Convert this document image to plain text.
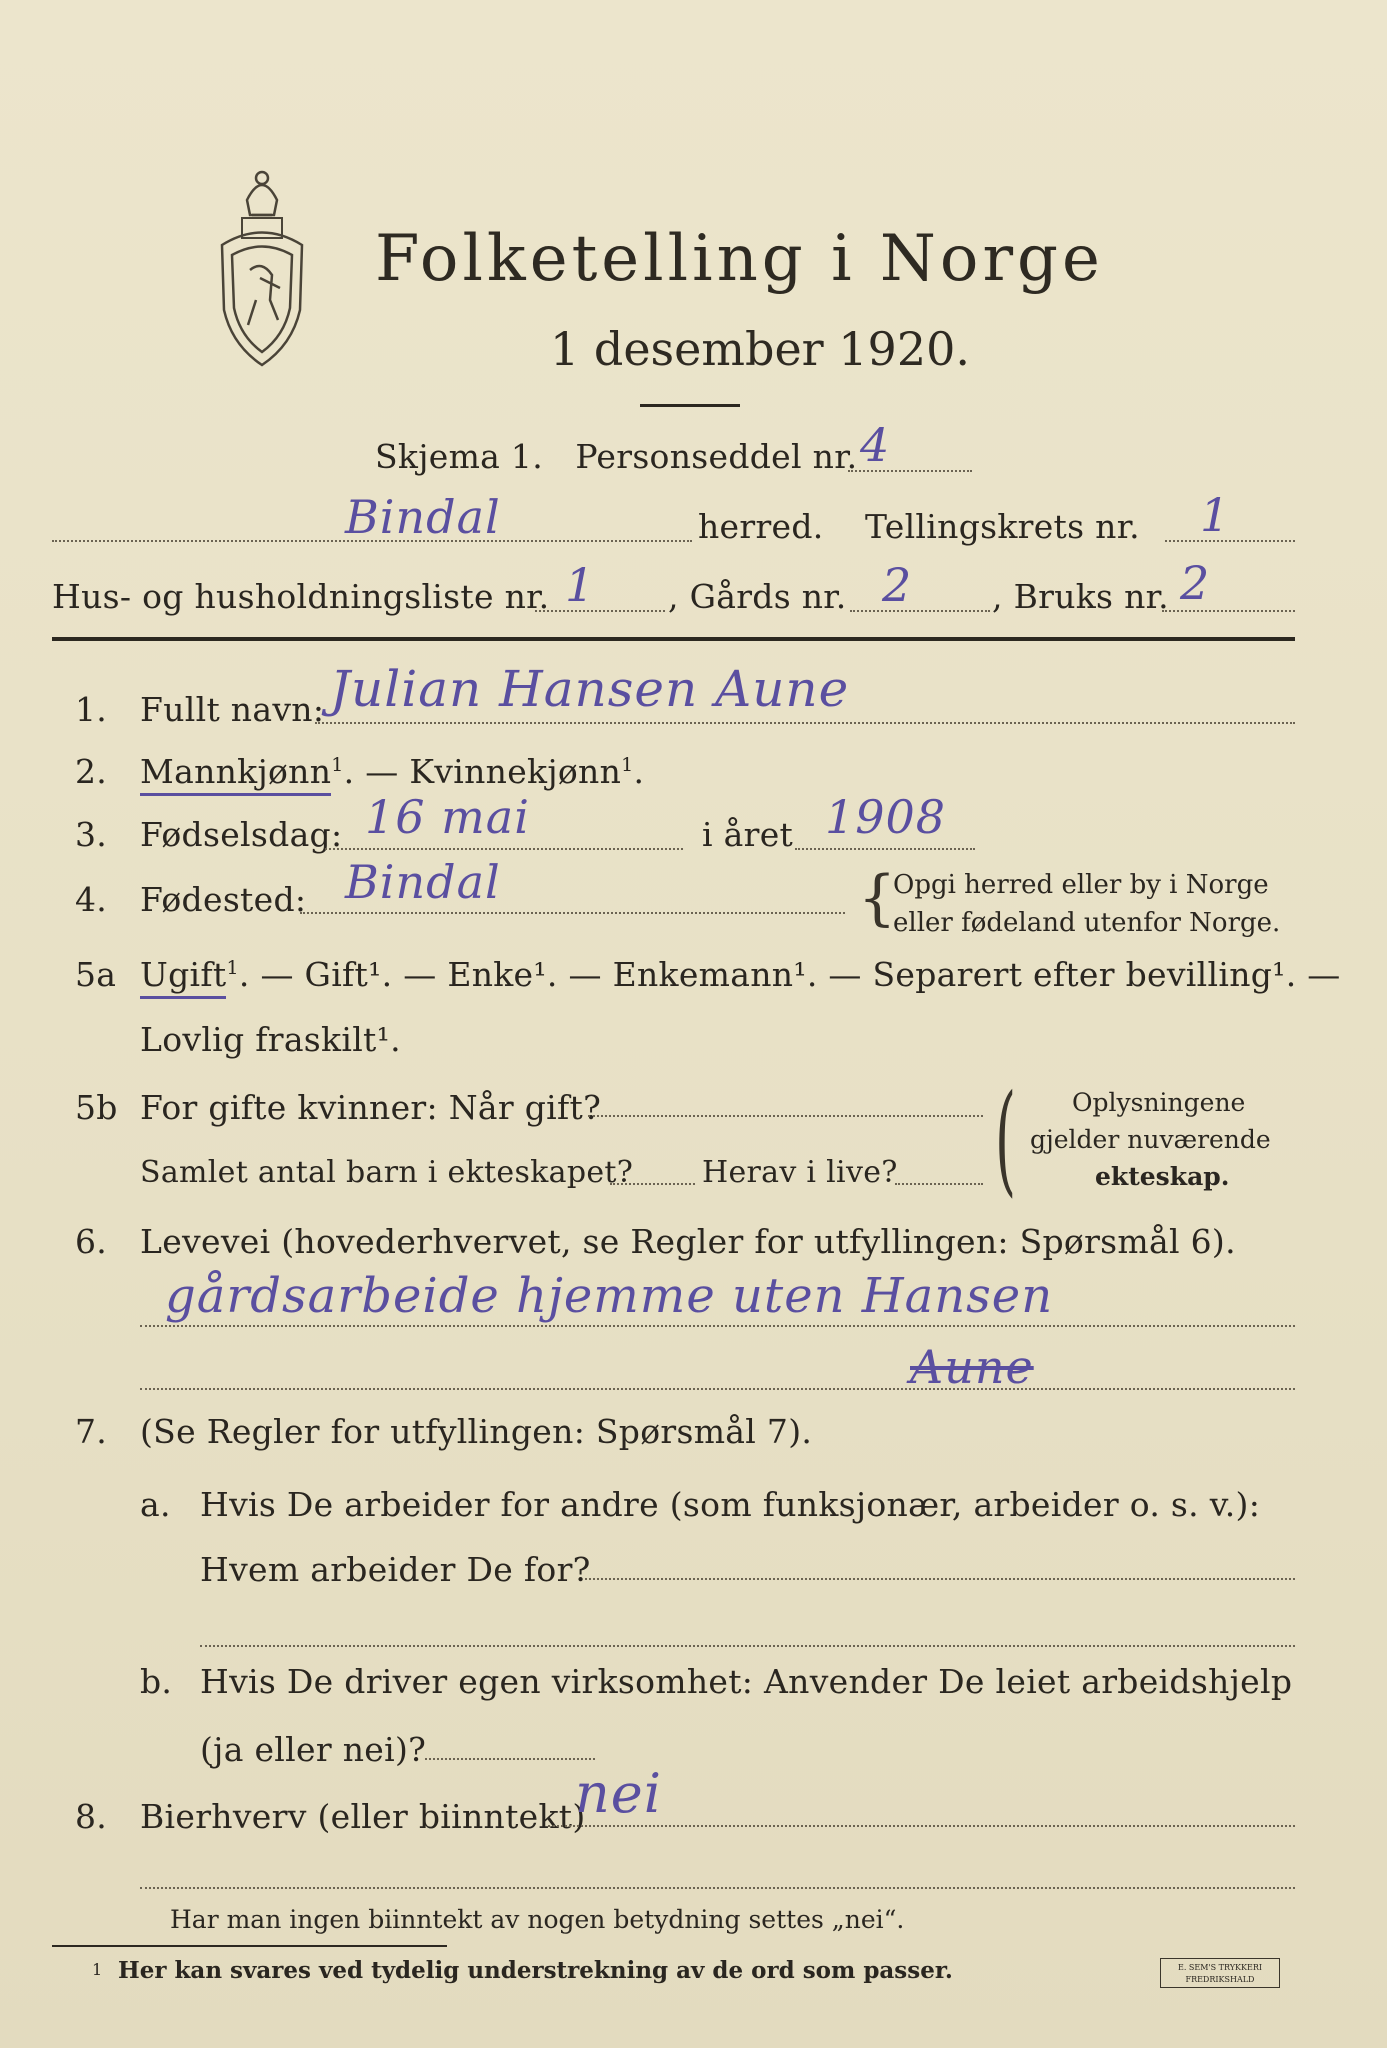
Folketelling i Norge
1 desember 1920.
Skjema 1. Personseddel nr. 4
Bindal	herred. Tellingskrets nr. 1
Hus- og husholdningsliste nr. 1 , Gårds nr. 2 , Bruks nr. 2
1. Fullt navn: Julian Hansen Aune
2. Mannkjønn$^1$. — Kvinnekjønn$^1$.
3. Fødselsdag: 16 mai	i året 1908
4. Fødested: Bindal	{
Opgi herred eller by i Norge
eller fødeland utenfor Norge.
5a Ugift$^1$. — Gift¹. — Enke¹. — Enkemann¹. — Separert efter bevilling¹. —
Lovlig fraskilt¹.
5b For gifte kvinner: Når gift?
Samlet antal barn i ekteskapet? Herav i live? ( Oplysningene
gjelder nuværende
ekteskap.
6. Levevei (hovederhvervet, se Regler for utfyllingen: Spørsmål 6).
gårdsarbeide hjemme uten Hansen
Aune
7. (Se Regler for utfyllingen: Spørsmål 7).
a. Hvis De arbeider for andre (som funksjonær, arbeider o. s. v.):
Hvem arbeider De for?
b. Hvis De driver egen virksomhet: Anvender De leiet arbeidshjelp
(ja eller nei)?
8. Bierhverv (eller biinntekt)
nei
Har man ingen biinntekt av nogen betydning settes „nei“.
1 Her kan svares ved tydelig understrekning av de ord som passer.	E. SEM'S TRYKKERI
FREDRIKSHALD
